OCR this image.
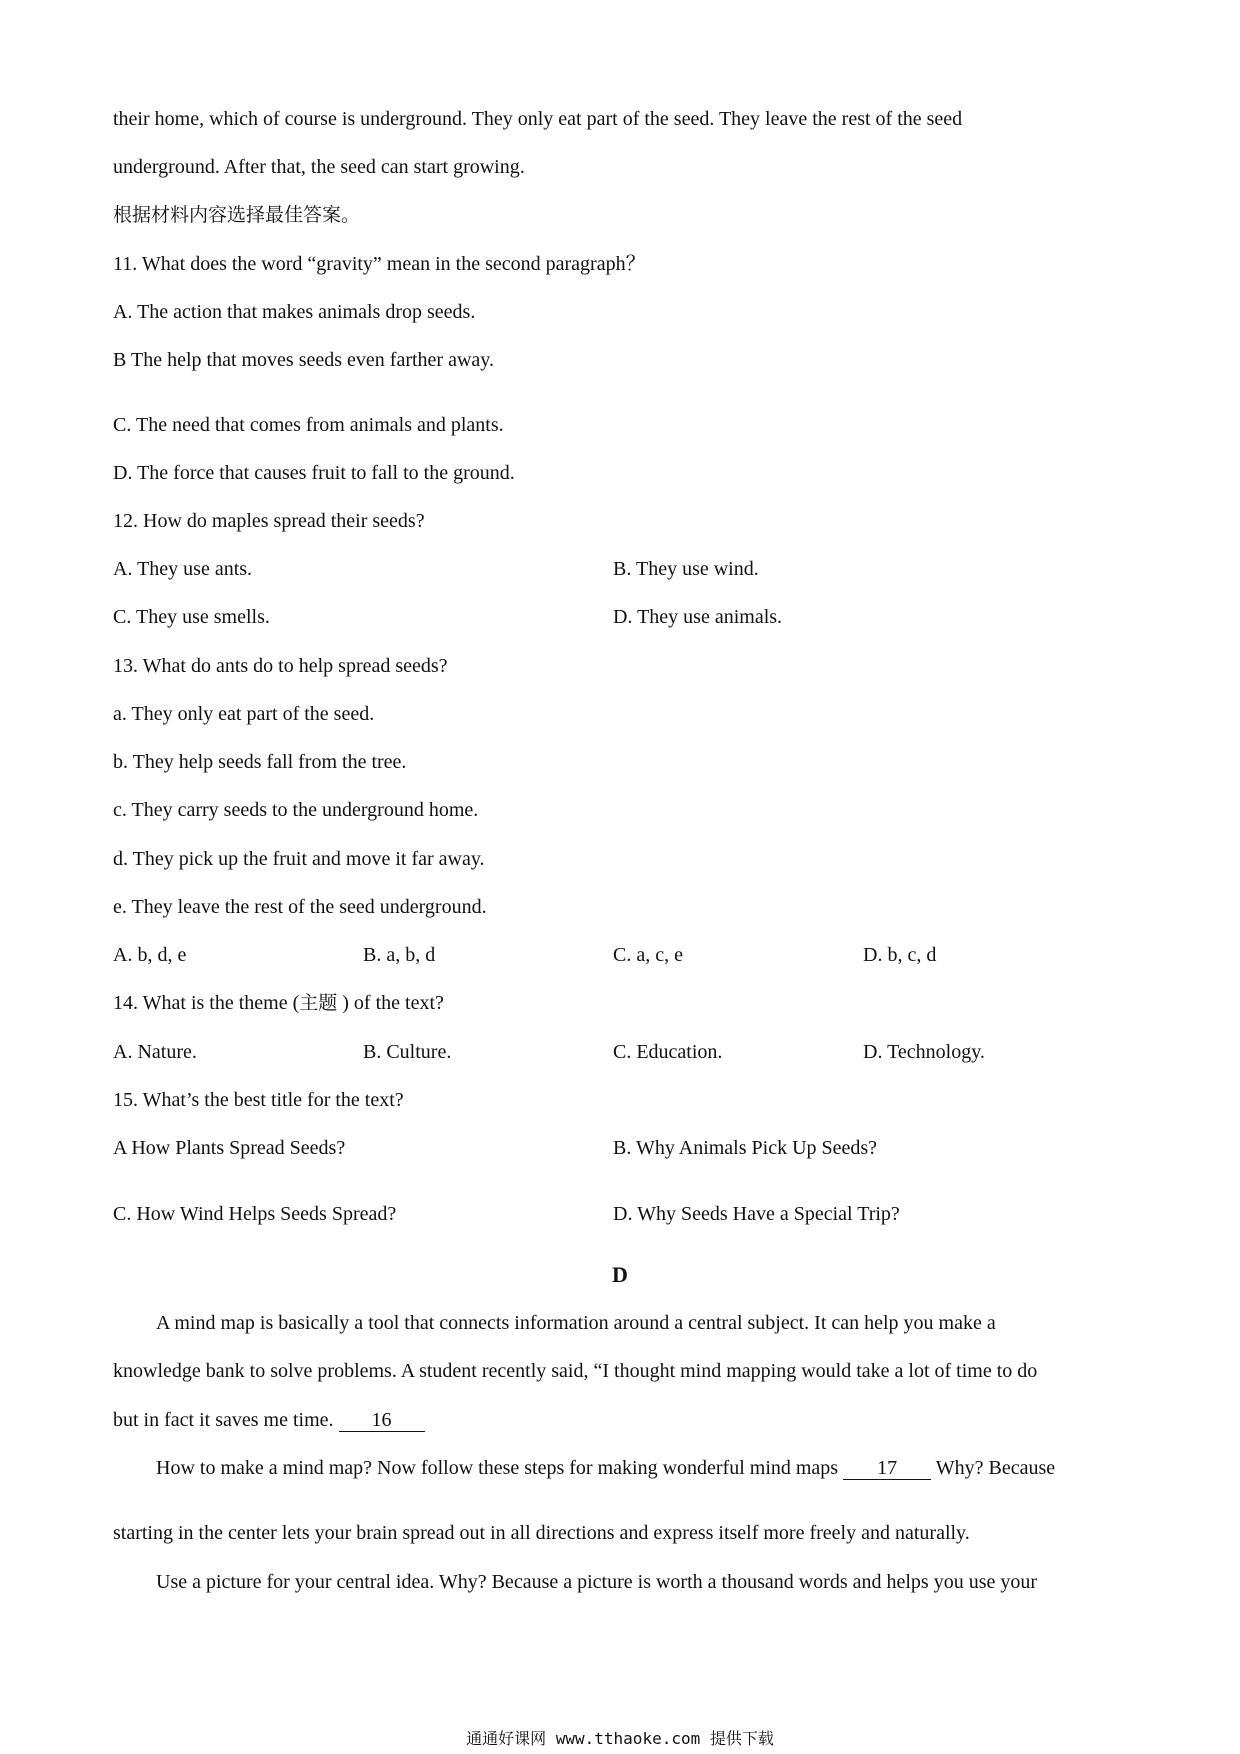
their home, which of course is underground. They only eat part of the seed. They leave the rest of the seed

underground. After that, the seed can start growing.

根据材料内容选择最佳答案。

11. What does the word “gravity” mean in the second paragraph？

A. The action that makes animals drop seeds.

B The help that moves seeds even farther away.

C. The need that comes from animals and plants.

D. The force that causes fruit to fall to the ground.

12. How do maples spread their seeds?

A. They use ants.	B. They use wind.

C. They use smells.	D. They use animals.

13. What do ants do to help spread seeds?

a. They only eat part of the seed.

b. They help seeds fall from the tree.

c. They carry seeds to the underground home.

d. They pick up the fruit and move it far away.

e. They leave the rest of the seed underground.

A. b, d, e	B. a, b, d	C. a, c, e	D. b, c, d

14. What is the theme (主题 ) of the text?

A. Nature.	B. Culture.	C. Education.	D. Technology.

15. What’s the best title for the text?

A How Plants Spread Seeds?	B. Why Animals Pick Up Seeds?

C. How Wind Helps Seeds Spread?	D. Why Seeds Have a Special Trip?

D

A mind map is basically a tool that connects information around a central subject. It can help you make a

knowledge bank to solve problems. A student recently said, “I thought mind mapping would take a lot of time to do

but in fact it saves me time. 16

How to make a mind map? Now follow these steps for making wonderful mind maps 17 Why? Because

starting in the center lets your brain spread out in all directions and express itself more freely and naturally.

Use a picture for your central idea. Why? Because a picture is worth a thousand words and helps you use your

通通好课网 www.tthaoke.com 提供下载
